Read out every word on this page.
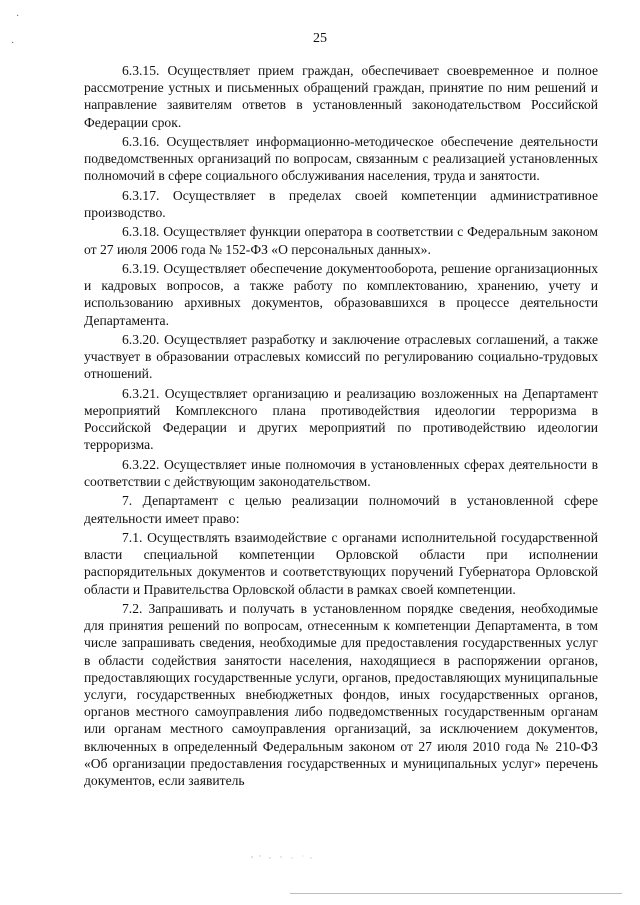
·
·	25

6.3.15. Осуществляет прием граждан, обеспечивает своевременное и полное рассмотрение устных и письменных обращений граждан, принятие по ним решений и направление заявителям ответов в установленный законодательством Российской Федерации срок.

6.3.16. Осуществляет информационно-методическое обеспечение деятельности подведомственных организаций по вопросам, связанным с реализацией установленных полномочий в сфере социального обслуживания населения, труда и занятости.

6.3.17. Осуществляет в пределах своей компетенции административное производство.

6.3.18. Осуществляет функции оператора в соответствии с Федеральным законом от 27 июля 2006 года № 152-ФЗ «О персональных данных».

6.3.19. Осуществляет обеспечение документооборота, решение организационных и кадровых вопросов, а также работу по комплектованию, хранению, учету и использованию архивных документов, образовавшихся в процессе деятельности Департамента.

6.3.20. Осуществляет разработку и заключение отраслевых соглашений, а также участвует в образовании отраслевых комиссий по регулированию социально-трудовых отношений.

6.3.21. Осуществляет организацию и реализацию возложенных на Департамент мероприятий Комплексного плана противодействия идеологии терроризма в Российской Федерации и других мероприятий по противодействию идеологии терроризма.

6.3.22. Осуществляет иные полномочия в установленных сферах деятельности в соответствии с действующим законодательством.

7. Департамент с целью реализации полномочий в установленной сфере деятельности имеет право:

7.1. Осуществлять взаимодействие с органами исполнительной государственной власти специальной компетенции Орловской области при исполнении распорядительных документов и соответствующих поручений Губернатора Орловской области и Правительства Орловской области в рамках своей компетенции.

7.2. Запрашивать и получать в установленном порядке сведения, необходимые для принятия решений по вопросам, отнесенным к компетенции Департамента, в том числе запрашивать сведения, необходимые для предоставления государственных услуг в области содействия занятости населения, находящиеся в распоряжении органов, предоставляющих государственные услуги, органов, предоставляющих муниципальные услуги, государственных внебюджетных фондов, иных государственных органов, органов местного самоуправления либо подведомственных государственным органам или органам местного самоуправления организаций, за исключением документов, включенных в определенный Федеральным законом от 27 июля 2010 года № 210-ФЗ «Об организации предоставления государственных и муниципальных услуг» перечень документов, если заявитель
